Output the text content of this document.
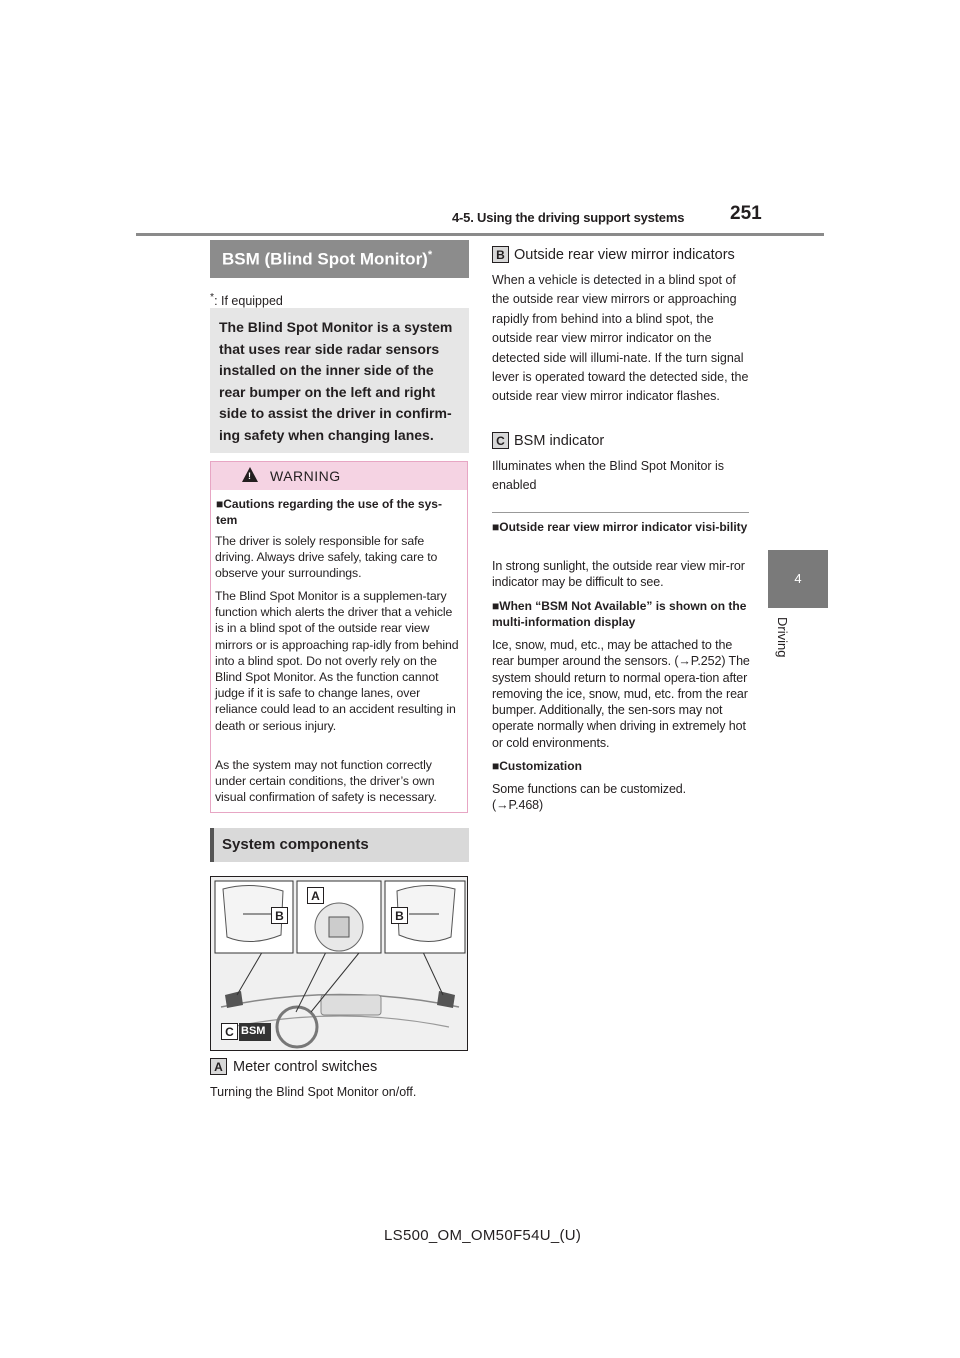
4-5. Using the driving support systems 251
4
Driving
BSM (Blind Spot Monitor)*
*: If equipped
The Blind Spot Monitor is a system that uses rear side radar sensors installed on the inner side of the rear bumper on the left and right side to assist the driver in confirm-ing safety when changing lanes.
! WARNING
■Cautions regarding the use of the sys-tem
The driver is solely responsible for safe driving. Always drive safely, taking care to observe your surroundings.
The Blind Spot Monitor is a supplemen-tary function which alerts the driver that a vehicle is in a blind spot of the outside rear view mirrors or is approaching rap-idly from behind into a blind spot. Do not overly rely on the Blind Spot Monitor. As the function cannot judge if it is safe to change lanes, over reliance could lead to an accident resulting in death or serious injury.
As the system may not function correctly under certain conditions, the driver’s own visual confirmation of safety is necessary.
System components
B
A
B
C BSM
A Meter control switches
Turning the Blind Spot Monitor on/off.
B Outside rear view mirror indicators
When a vehicle is detected in a blind spot of the outside rear view mirrors or approaching rapidly from behind into a blind spot, the outside rear view mirror indicator on the detected side will illumi-nate. If the turn signal lever is operated toward the detected side, the outside rear view mirror indicator flashes.
C BSM indicator
Illuminates when the Blind Spot Monitor is enabled
■Outside rear view mirror indicator visi-bility
In strong sunlight, the outside rear view mir-ror indicator may be difficult to see.
■When “BSM Not Available” is shown on the multi-information display
Ice, snow, mud, etc., may be attached to the rear bumper around the sensors. (→P.252) The system should return to normal opera-tion after removing the ice, snow, mud, etc. from the rear bumper. Additionally, the sen-sors may not operate normally when driving in extremely hot or cold environments.
■Customization
Some functions can be customized. (→P.468)
LS500_OM_OM50F54U_(U)
